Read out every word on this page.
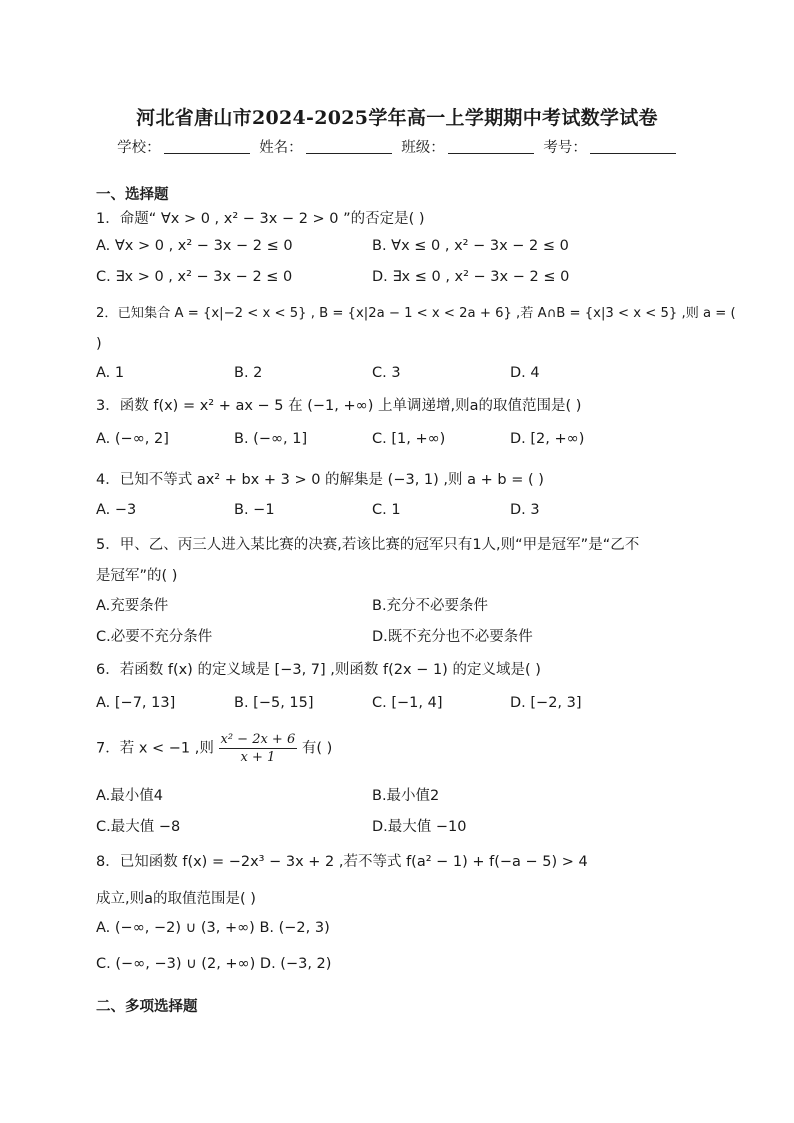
河北省唐山市2024-2025学年高一上学期期中考试数学试卷
学校：	姓名：	班级：	考号：
一、选择题
1．命题“ ∀x > 0 , x² − 3x − 2 > 0 ”的否定是( )
A. ∀x > 0 , x² − 3x − 2 ≤ 0	B. ∀x ≤ 0 , x² − 3x − 2 ≤ 0
C. ∃x > 0 , x² − 3x − 2 ≤ 0	D. ∃x ≤ 0 , x² − 3x − 2 ≤ 0
2．已知集合 A = {x|−2 < x < 5} , B = {x|2a − 1 < x < 2a + 6} ,若 A∩B = {x|3 < x < 5} ,则 a = (
)
A. 1	B. 2	C. 3	D. 4
3．函数 f(x) = x² + ax − 5 在 (−1, +∞) 上单调递增,则a的取值范围是( )
A. (−∞, 2]	B. (−∞, 1]	C. [1, +∞)	D. [2, +∞)
4．已知不等式 ax² + bx + 3 > 0 的解集是 (−3, 1) ,则 a + b = ( )
A. −3	B. −1	C. 1	D. 3
5．甲、乙、丙三人进入某比赛的决赛,若该比赛的冠军只有1人,则“甲是冠军”是“乙不
是冠军”的( )
A.充要条件	B.充分不必要条件
C.必要不充分条件	D.既不充分也不必要条件
6．若函数 f(x) 的定义域是 [−3, 7] ,则函数 f(2x − 1) 的定义域是( )
A. [−7, 13]	B. [−5, 15]	C. [−1, 4]	D. [−2, 3]
7．若 x < −1 ,则 $\frac{\text{x² − 2x + 6}}{x + 1}$ 有( )
A.最小值4	B.最小值2
C.最大值 −8	D.最大值 −10
8．已知函数 f(x) = −2x³ − 3x + 2 ,若不等式 f(a² − 1) + f(−a − 5) > 4
成立,则a的取值范围是( )
A. (−∞, −2) ∪ (3, +∞) B. (−2, 3)
C. (−∞, −3) ∪ (2, +∞) D. (−3, 2)
二、多项选择题
